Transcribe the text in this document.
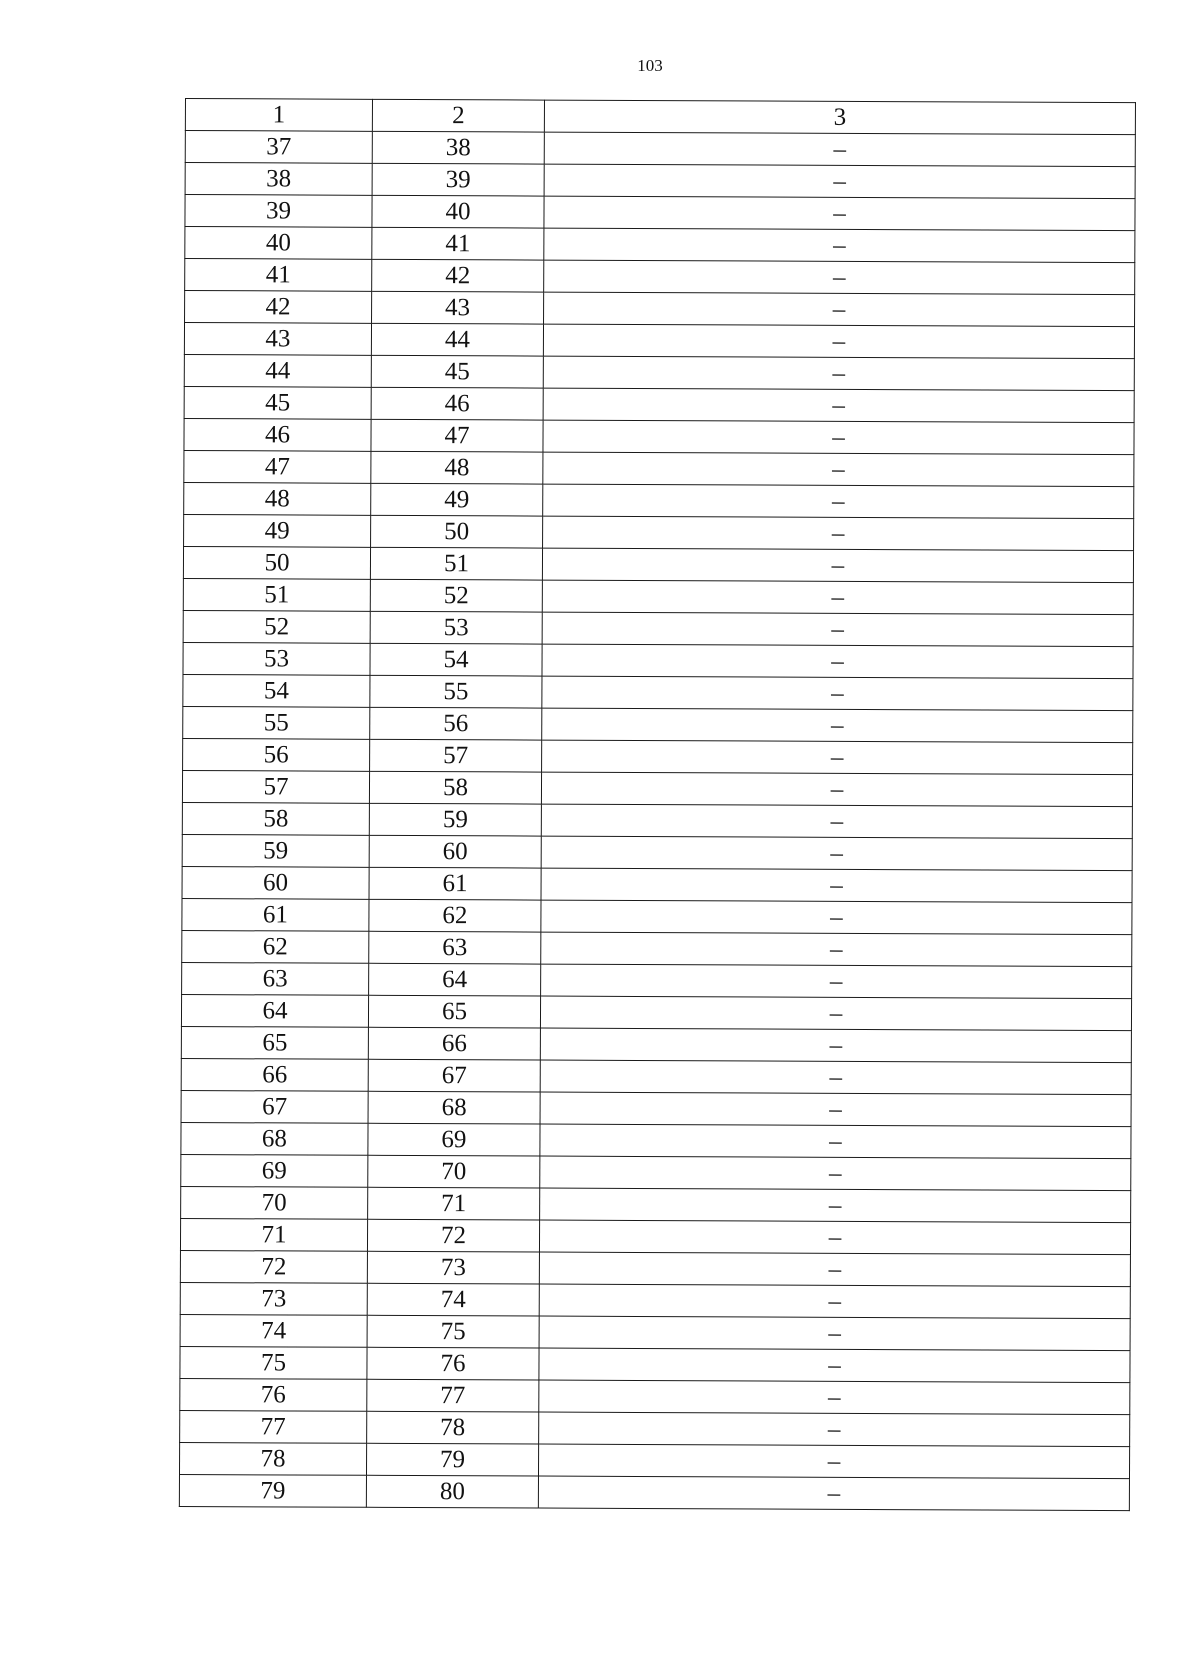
103
1	2	3
37	38	–
38	39	–
39	40	–
40	41	–
41	42	–
42	43	–
43	44	–
44	45	–
45	46	–
46	47	–
47	48	–
48	49	–
49	50	–
50	51	–
51	52	–
52	53	–
53	54	–
54	55	–
55	56	–
56	57	–
57	58	–
58	59	–
59	60	–
60	61	–
61	62	–
62	63	–
63	64	–
64	65	–
65	66	–
66	67	–
67	68	–
68	69	–
69	70	–
70	71	–
71	72	–
72	73	–
73	74	–
74	75	–
75	76	–
76	77	–
77	78	–
78	79	–
79	80	–
